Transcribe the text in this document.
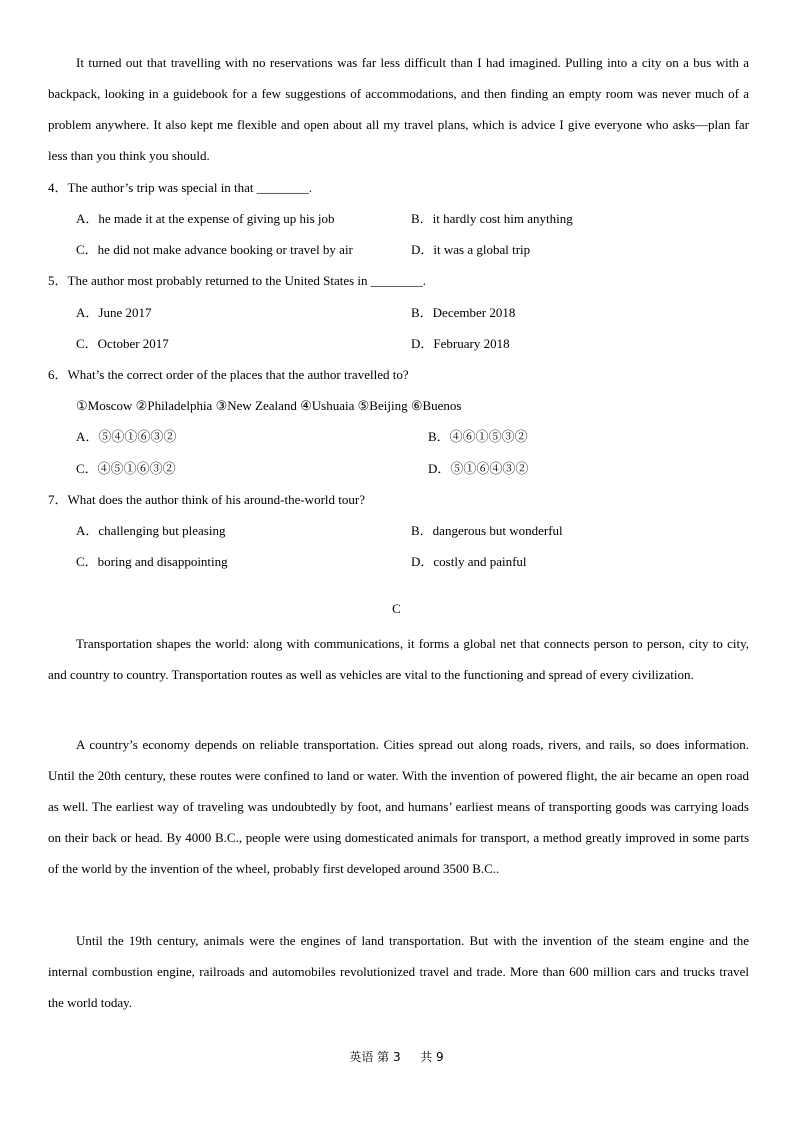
It turned out that travelling with no reservations was far less difficult than I had imagined. Pulling into a city on a bus with a backpack, looking in a guidebook for a few suggestions of accommodations, and then finding an empty room was never much of a problem anywhere. It also kept me flexible and open about all my travel plans, which is advice I give everyone who asks—plan far less than you think you should.

4．The author’s trip was special in that ________.
A．he made it at the expense of giving up his job	B．it hardly cost him anything
C．he did not make advance booking or travel by air	D．it was a global trip
5．The author most probably returned to the United States in ________.
A．June 2017	B．December 2018
C．October 2017	D．February 2018
6．What’s the correct order of the places that the author travelled to?
①Moscow ②Philadelphia ③New Zealand ④Ushuaia ⑤Beijing ⑥Buenos
A．⑤④①⑥③②	B．④⑥①⑤③②
C．④⑤①⑥③②	D．⑤①⑥④③②
7．What does the author think of his around-the-world tour?
A．challenging but pleasing	B．dangerous but wonderful
C．boring and disappointing	D．costly and painful
C

Transportation shapes the world: along with communications, it forms a global net that connects person to person, city to city, and country to country. Transportation routes as well as vehicles are vital to the functioning and spread of every civilization.

A country’s economy depends on reliable transportation. Cities spread out along roads, rivers, and rails, so does information. Until the 20th century, these routes were confined to land or water. With the invention of powered flight, the air became an open road as well. The earliest way of traveling was undoubtedly by foot, and humans’ earliest means of transporting goods was carrying loads on their back or head. By 4000 B.C., people were using domesticated animals for transport, a method greatly improved in some parts of the world by the invention of the wheel, probably first developed around 3500 B.C..

Until the 19th century, animals were the engines of land transportation. But with the invention of the steam engine and the internal combustion engine, railroads and automobiles revolutionized travel and trade. More than 600 million cars and trucks travel the world today.

英语 第 3 　 共 9
